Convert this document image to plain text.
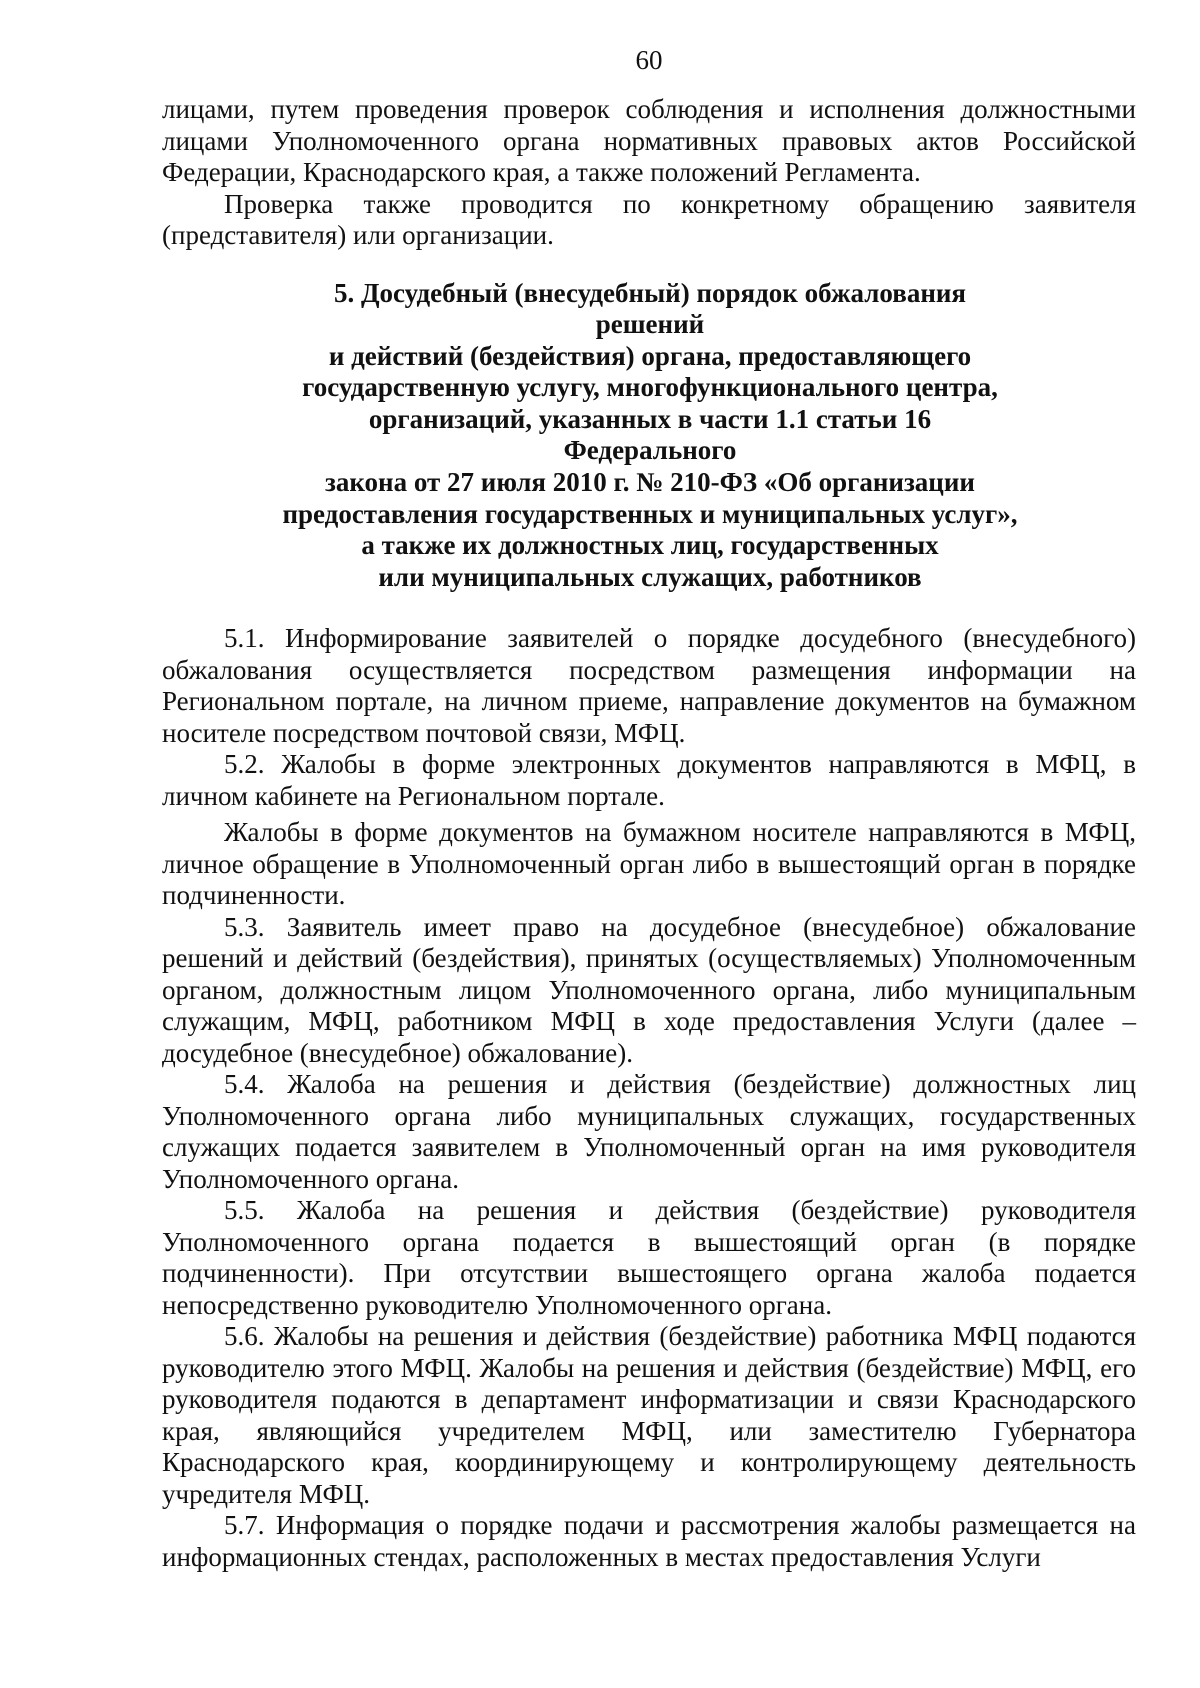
60

лицами, путем проведения проверок соблюдения и исполнения должностными лицами Уполномоченного органа нормативных правовых актов Российской Федерации, Краснодарского края, а также положений Регламента.

Проверка также проводится по конкретному обращению заявителя (представителя) или организации.

5. Досудебный (внесудебный) порядок обжалования решений
и действий (бездействия) органа, предоставляющего
государственную услугу, многофункционального центра,
организаций, указанных в части 1.1 статьи 16 Федерального
закона от 27 июля 2010 г. № 210-ФЗ «Об организации
предоставления государственных и муниципальных услуг»,
а также их должностных лиц, государственных
или муниципальных служащих, работников

5.1. Информирование заявителей о порядке досудебного (внесудебного) обжалования осуществляется посредством размещения информации на Региональном портале, на личном приеме, направление документов на бумажном носителе посредством почтовой связи, МФЦ.

5.2. Жалобы в форме электронных документов направляются в МФЦ, в личном кабинете на Региональном портале.

Жалобы в форме документов на бумажном носителе направляются в МФЦ, личное обращение в Уполномоченный орган либо в вышестоящий орган в порядке подчиненности.

5.3. Заявитель имеет право на досудебное (внесудебное) обжалование решений и действий (бездействия), принятых (осуществляемых) Уполномоченным органом, должностным лицом Уполномоченного органа, либо муниципальным служащим, МФЦ, работником МФЦ в ходе предоставления Услуги (далее – досудебное (внесудебное) обжалование).

5.4. Жалоба на решения и действия (бездействие) должностных лиц Уполномоченного органа либо муниципальных служащих, государственных служащих подается заявителем в Уполномоченный орган на имя руководителя Уполномоченного органа.

5.5. Жалоба на решения и действия (бездействие) руководителя Уполномоченного органа подается в вышестоящий орган (в порядке подчиненности). При отсутствии вышестоящего органа жалоба подается непосредственно руководителю Уполномоченного органа.

5.6. Жалобы на решения и действия (бездействие) работника МФЦ подаются руководителю этого МФЦ. Жалобы на решения и действия (бездействие) МФЦ, его руководителя подаются в департамент информатизации и связи Краснодарского края, являющийся учредителем МФЦ, или заместителю Губернатора Краснодарского края, координирующему и контролирующему деятельность учредителя МФЦ.

5.7. Информация о порядке подачи и рассмотрения жалобы размещается на информационных стендах, расположенных в местах предоставления Услуги
